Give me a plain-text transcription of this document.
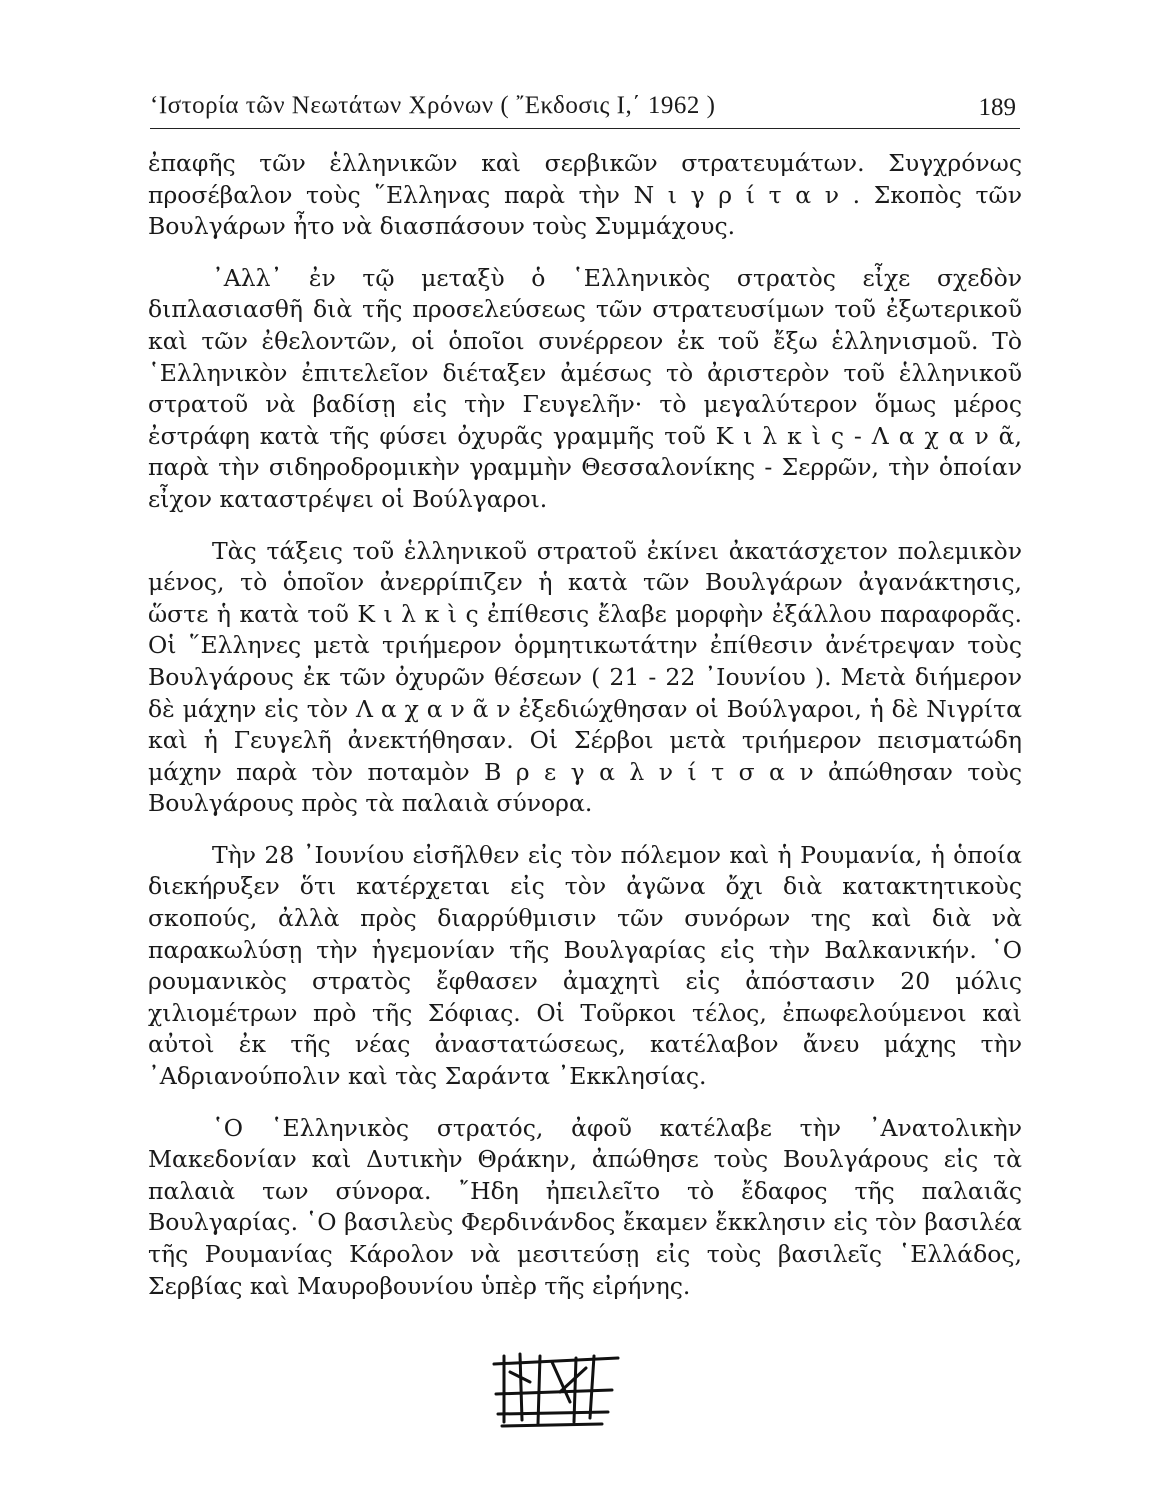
‘Ιστορία τῶν Νεωτάτων Χρόνων ( ῎Εκδοσις Ι,΄ 1962 )	189

ἐπαφῆς τῶν ἑλληνικῶν καὶ σερβικῶν στρατευμάτων. Συγχρόνως προσέβαλον τοὺς ῞Ελληνας παρὰ τὴν Ν ι γ ρ ί τ α ν . Σκοπὸς τῶν Βουλγάρων ἦτο νὰ διασπάσουν τοὺς Συμμάχους.

᾿Αλλ᾿ ἐν τῷ μεταξὺ ὁ ῾Ελληνικὸς στρατὸς εἶχε σχεδὸν διπλασιασθῆ διὰ τῆς προσελεύσεως τῶν στρατευσίμων τοῦ ἐξωτερικοῦ καὶ τῶν ἐθελοντῶν, οἱ ὁποῖοι συνέρρεον ἐκ τοῦ ἔξω ἑλληνισμοῦ. Τὸ ῾Ελληνικὸν ἐπιτελεῖον διέταξεν ἀμέσως τὸ ἀριστερὸν τοῦ ἑλληνικοῦ στρατοῦ νὰ βαδίσῃ εἰς τὴν Γευγελῆν· τὸ μεγαλύτερον ὅμως μέρος ἐστράφη κατὰ τῆς φύσει ὀχυρᾶς γραμμῆς τοῦ Κ ι λ κ ὶ ς - Λ α χ α ν ᾶ, παρὰ τὴν σιδηροδρομικὴν γραμμὴν Θεσσαλονίκης - Σερρῶν, τὴν ὁποίαν εἶχον καταστρέψει οἱ Βούλγαροι.

Τὰς τάξεις τοῦ ἑλληνικοῦ στρατοῦ ἐκίνει ἀκατάσχετον πολεμικὸν μένος, τὸ ὁποῖον ἀνερρίπιζεν ἡ κατὰ τῶν Βουλγάρων ἀγανάκτησις, ὥστε ἡ κατὰ τοῦ Κ ι λ κ ὶ ς ἐπίθεσις ἔλαβε μορφὴν ἐξάλλου παραφορᾶς. Οἱ ῞Ελληνες μετὰ τριήμερον ὁρμητικωτάτην ἐπίθεσιν ἀνέτρεψαν τοὺς Βουλγάρους ἐκ τῶν ὀχυρῶν θέσεων ( 21 - 22 ᾿Ιουνίου ). Μετὰ διήμερον δὲ μάχην εἰς τὸν Λ α χ α ν ᾶ ν ἐξεδιώχθησαν οἱ Βούλγαροι, ἡ δὲ Νιγρίτα καὶ ἡ Γευγελῆ ἀνεκτήθησαν. Οἱ Σέρβοι μετὰ τριήμερον πεισματώδη μάχην παρὰ τὸν ποταμὸν Β ρ ε γ α λ ν ί τ σ α ν ἀπώθησαν τοὺς Βουλγάρους πρὸς τὰ παλαιὰ σύνορα.

Τὴν 28 ᾿Ιουνίου εἰσῆλθεν εἰς τὸν πόλεμον καὶ ἡ Ρουμανία, ἡ ὁποία διεκήρυξεν ὅτι κατέρχεται εἰς τὸν ἀγῶνα ὄχι διὰ κατακτητικοὺς σκοπούς, ἀλλὰ πρὸς διαρρύθμισιν τῶν συνόρων της καὶ διὰ νὰ παρακωλύσῃ τὴν ἡγεμονίαν τῆς Βουλγαρίας εἰς τὴν Βαλκανικήν. ῾Ο ρουμανικὸς στρατὸς ἔφθασεν ἀμαχητὶ εἰς ἀπόστασιν 20 μόλις χιλιομέτρων πρὸ τῆς Σόφιας. Οἱ Τοῦρκοι τέλος, ἐπωφελούμενοι καὶ αὐτοὶ ἐκ τῆς νέας ἀναστατώσεως, κατέλαβον ἄνευ μάχης τὴν ᾿Αδριανούπολιν καὶ τὰς Σαράντα ᾿Εκκλησίας.

῾Ο ῾Ελληνικὸς στρατός, ἀφοῦ κατέλαβε τὴν ᾿Ανατολικὴν Μακεδονίαν καὶ Δυτικὴν Θράκην, ἀπώθησε τοὺς Βουλγάρους εἰς τὰ παλαιὰ των σύνορα. ῎Ηδη ἠπειλεῖτο τὸ ἔδαφος τῆς παλαιᾶς Βουλγαρίας. ῾Ο βασιλεὺς Φερδινάνδος ἔκαμεν ἔκκλησιν εἰς τὸν βασιλέα τῆς Ρουμανίας Κάρολον νὰ μεσιτεύσῃ εἰς τοὺς βασιλεῖς ῾Ελλάδος, Σερβίας καὶ Μαυροβουνίου ὑπὲρ τῆς εἰρήνης.
